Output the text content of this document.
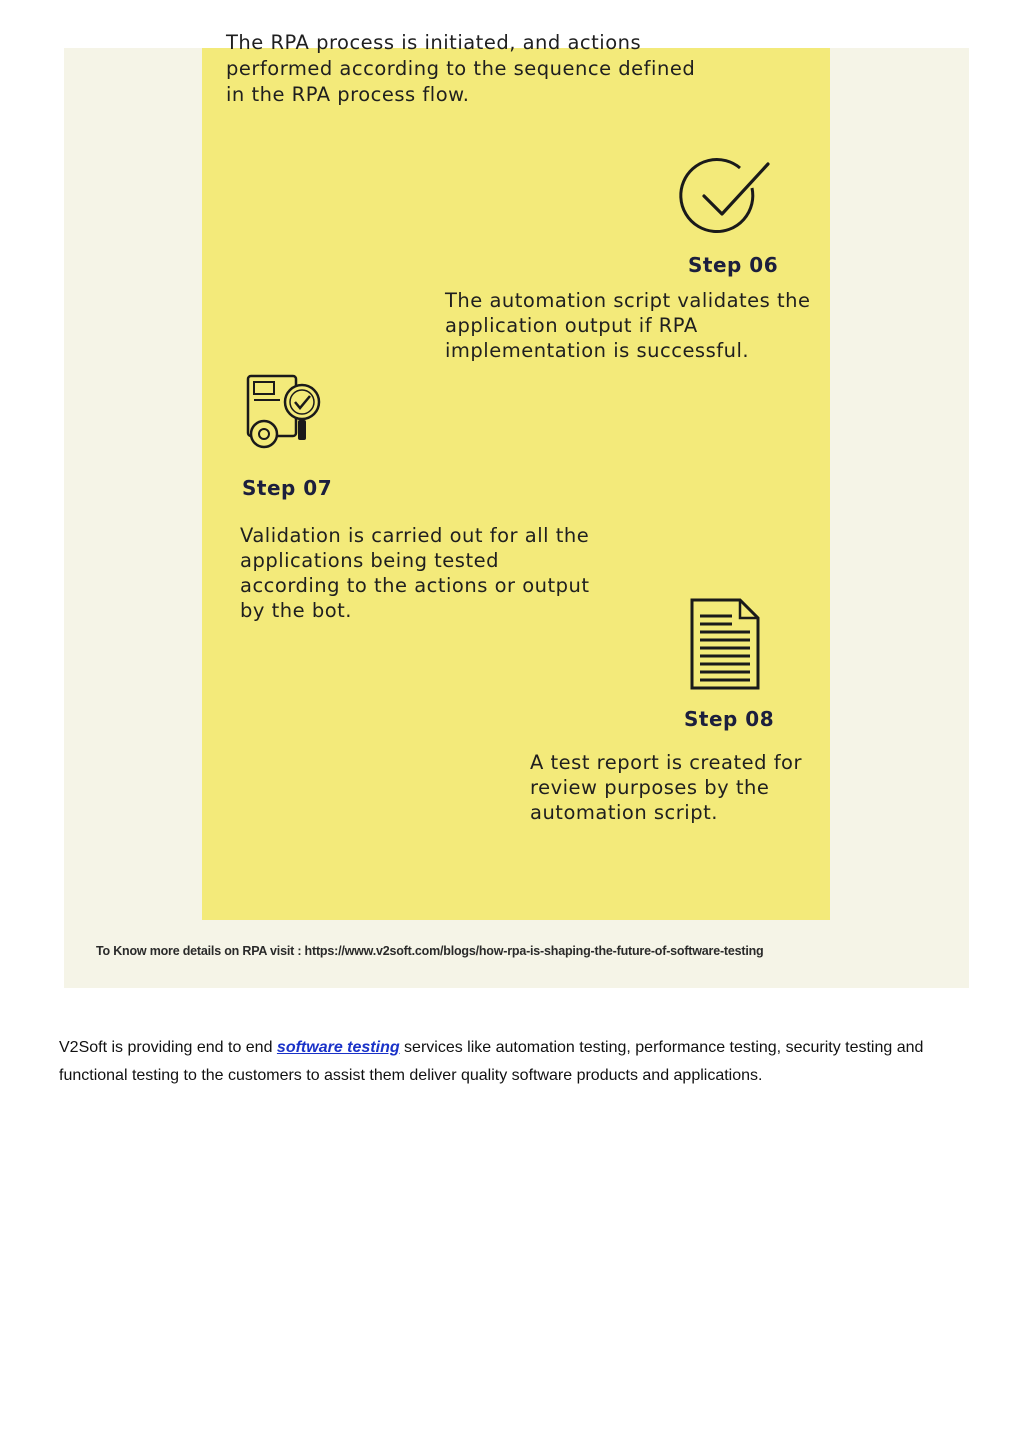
The RPA process is initiated, and actions performed according to the sequence defined in the RPA process flow.

Step 06

The automation script validates the application output if RPA implementation is successful.

Step 07

Validation is carried out for all the applications being tested according to the actions or output by the bot.

Step 08

A test report is created for review purposes by the automation script.

To Know more details on RPA visit : https://www.v2soft.com/blogs/how-rpa-is-shaping-the-future-of-software-testing

V2Soft is providing end to end software testing services like automation testing, performance testing, security testing and functional testing to the customers to assist them deliver quality software products and applications.
